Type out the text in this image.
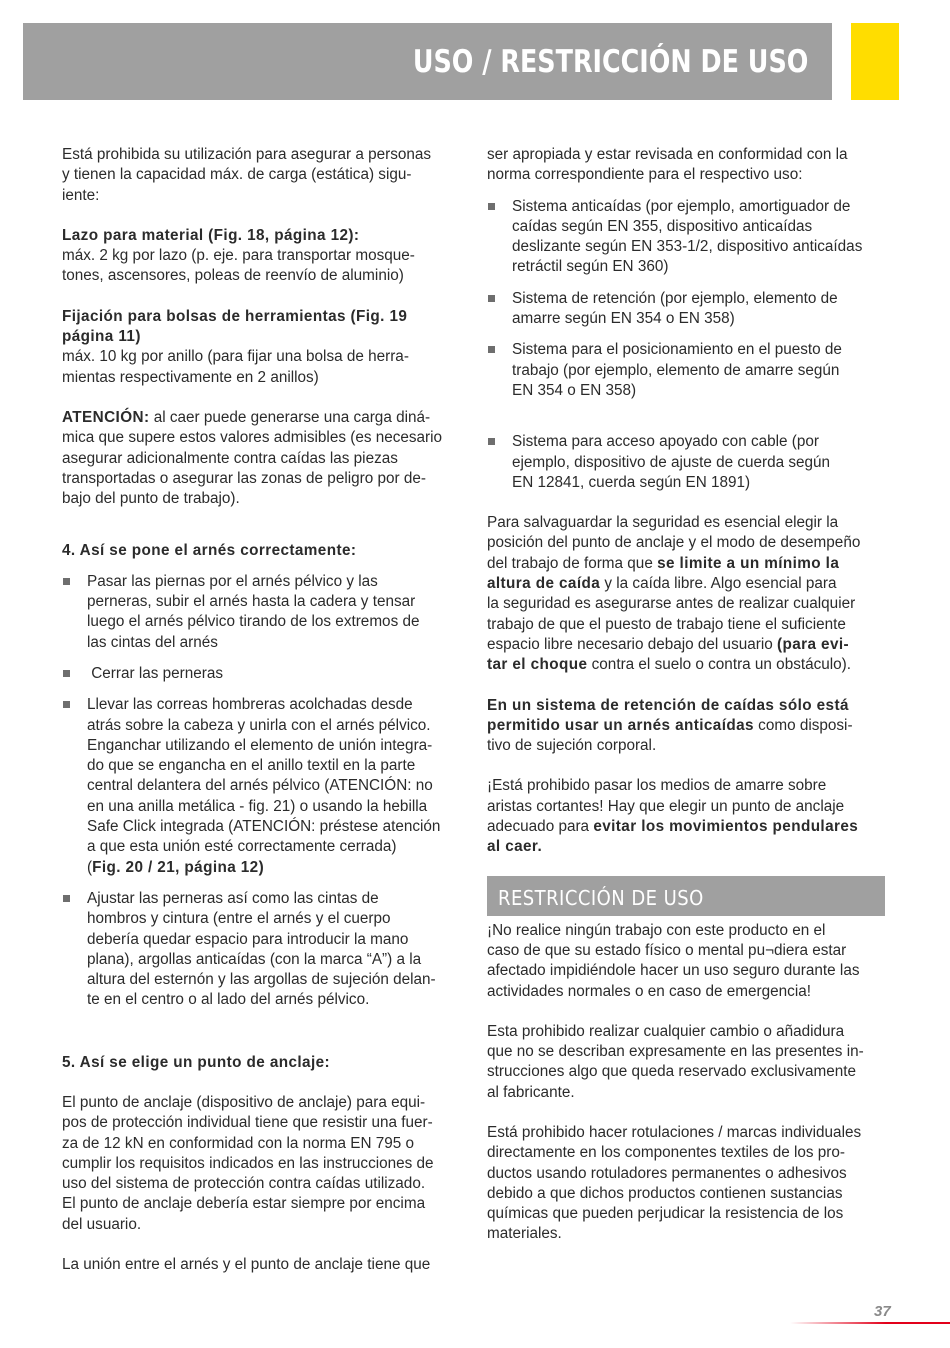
USO / RESTRICCIÓN DE USO

Está prohibida su utilización para asegurar a personas
y tienen la capacidad máx. de carga (estática) sigu-
iente:

Lazo para material (Fig. 18, página 12):

máx. 2 kg por lazo (p. eje. para transportar mosque-
tones, ascensores, poleas de reenvío de aluminio)

Fijación para bolsas de herramientas (Fig. 19
página 11)

máx. 10 kg por anillo (para fijar una bolsa de herra-
mientas respectivamente en 2 anillos)

ATENCIÓN: al caer puede generarse una carga diná-
mica que supere estos valores admisibles (es necesario
asegurar adicionalmente contra caídas las piezas
transportadas o asegurar las zonas de peligro por de-
bajo del punto de trabajo).

4. Así se pone el arnés correctamente:

Pasar las piernas por el arnés pélvico y las
perneras, subir el arnés hasta la cadera y tensar
luego el arnés pélvico tirando de los extremos de
las cintas del arnés
Cerrar las perneras
Llevar las correas hombreras acolchadas desde
atrás sobre la cabeza y unirla con el arnés pélvico.
Enganchar utilizando el elemento de unión integra-
do que se engancha en el anillo textil en la parte
central delantera del arnés pélvico (ATENCIÓN: no
en una anilla metálica - fig. 21) o usando la hebilla
Safe Click integrada (ATENCIÓN: préstese atención
a que esta unión esté correctamente cerrada)
(Fig. 20 / 21, página 12)
Ajustar las perneras así como las cintas de
hombros y cintura (entre el arnés y el cuerpo
debería quedar espacio para introducir la mano
plana), argollas anticaídas (con la marca “A”) a la
altura del esternón y las argollas de sujeción delan-
te en el centro o al lado del arnés pélvico.

5. Así se elige un punto de anclaje:

El punto de anclaje (dispositivo de anclaje) para equi-
pos de protección individual tiene que resistir una fuer-
za de 12 kN en conformidad con la norma EN 795 o
cumplir los requisitos indicados en las instrucciones de
uso del sistema de protección contra caídas utilizado.
El punto de anclaje debería estar siempre por encima
del usuario.

La unión entre el arnés y el punto de anclaje tiene que

ser apropiada y estar revisada en conformidad con la
norma correspondiente para el respectivo uso:

Sistema anticaídas (por ejemplo, amortiguador de
caídas según EN 355, dispositivo anticaídas
deslizante según EN 353-1/2, dispositivo anticaídas
retráctil según EN 360)
Sistema de retención (por ejemplo, elemento de
amarre según EN 354 o EN 358)
Sistema para el posicionamiento en el puesto de
trabajo (por ejemplo, elemento de amarre según
EN 354 o EN 358)
Sistema para acceso apoyado con cable (por
ejemplo, dispositivo de ajuste de cuerda según
EN 12841, cuerda según EN 1891)

Para salvaguardar la seguridad es esencial elegir la
posición del punto de anclaje y el modo de desempeño
del trabajo de forma que se limite a un mínimo la
altura de caída y la caída libre. Algo esencial para
la seguridad es asegurarse antes de realizar cualquier
trabajo de que el puesto de trabajo tiene el suficiente
espacio libre necesario debajo del usuario (para evi-
tar el choque contra el suelo o contra un obstáculo).

En un sistema de retención de caídas sólo está
permitido usar un arnés anticaídas como disposi-
tivo de sujeción corporal.

¡Está prohibido pasar los medios de amarre sobre
aristas cortantes! Hay que elegir un punto de anclaje
adecuado para evitar los movimientos pendulares
al caer.

RESTRICCIÓN DE USO

¡No realice ningún trabajo con este producto en el
caso de que su estado físico o mental pu¬diera estar
afectado impidiéndole hacer un uso seguro durante las
actividades normales o en caso de emergencia!

Esta prohibido realizar cualquier cambio o añadidura
que no se describan expresamente en las presentes in-
strucciones algo que queda reservado exclusivamente
al fabricante.

Está prohibido hacer rotulaciones / marcas individuales
directamente en los componentes textiles de los pro-
ductos usando rotuladores permanentes o adhesivos
debido a que dichos productos contienen sustancias
químicas que pueden perjudicar la resistencia de los
materiales.

37
